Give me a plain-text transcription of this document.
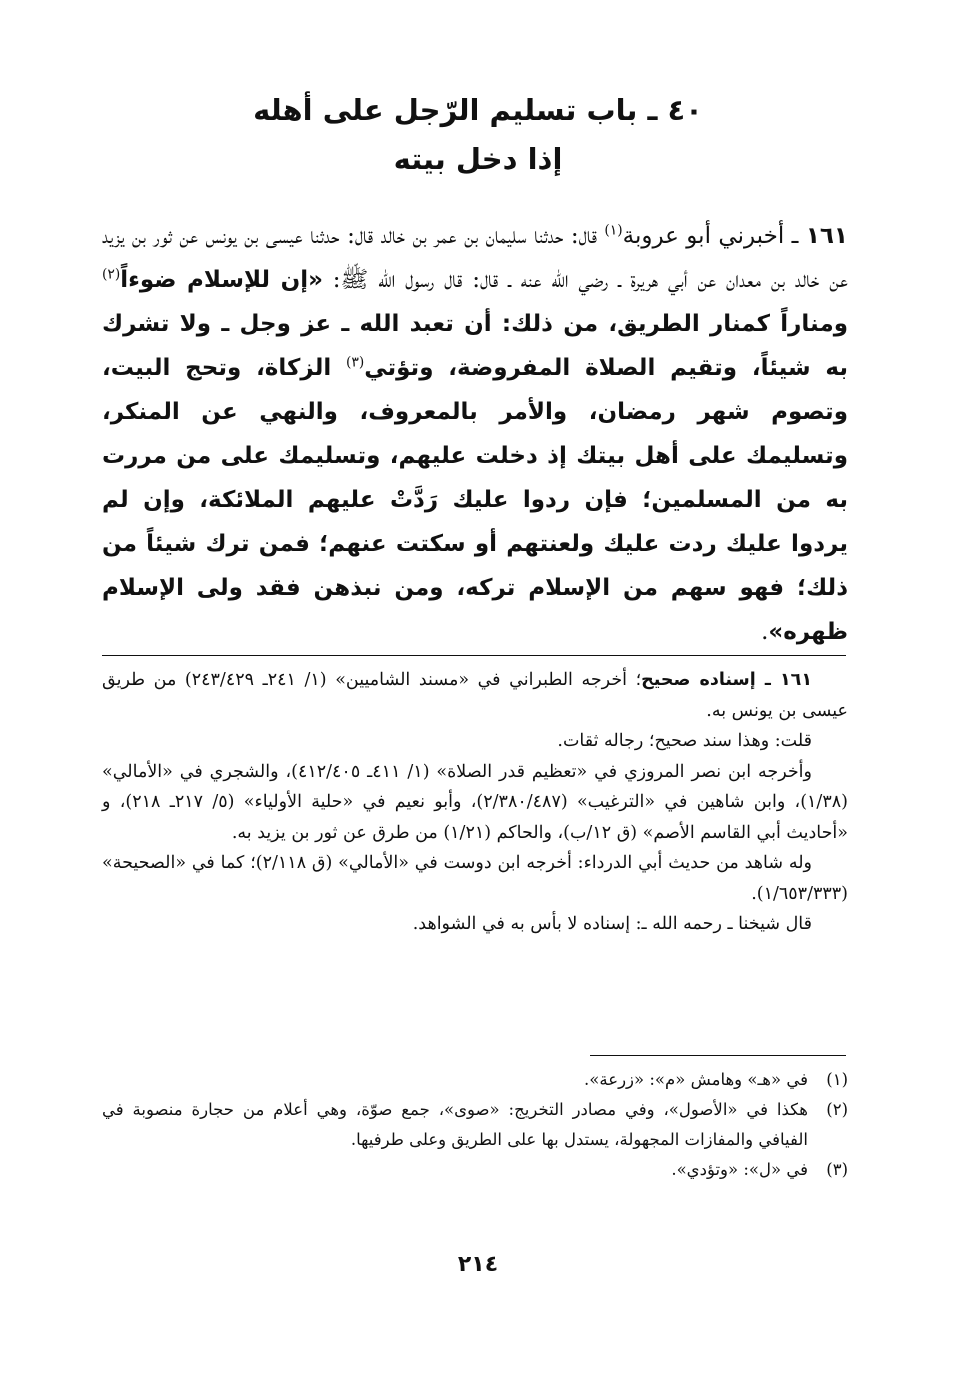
٤٠ ـ باب تسليم الرّجل على أهله
إذا دخل بيته

١٦١ ـ أخبرني أبو عروبة$^{(١)}$ قال: حدثنا سليمان بن عمر بن خالد قال: حدثنا عيسى بن يونس عن ثور بن يزيد عن خالد بن معدان عن أبي هريرة ـ رضي الله عنه ـ قال: قال رسول الله ﷺ: «إن للإسلام ضوءاً$^{(٢)}$ ومناراً كمنار الطريق، من ذلك: أن تعبد الله ـ عز وجل ـ ولا تشرك به شيئاً، وتقيم الصلاة المفروضة، وتؤتي$^{(٣)}$ الزكاة، وتحج البيت، وتصوم شهر رمضان، والأمر بالمعروف، والنهي عن المنكر، وتسليمك على أهل بيتك إذ دخلت عليهم، وتسليمك على من مررت به من المسلمين؛ فإن ردوا عليك رَدَّتْ عليهم الملائكة، وإن لم يردوا عليك ردت عليك ولعنتهم أو سكتت عنهم؛ فمن ترك شيئاً من ذلك؛ فهو سهم من الإسلام تركه، ومن نبذهن فقد ولى الإسلام ظهره».

١٦١ ـ إسناده صحيح؛ أخرجه الطبراني في «مسند الشاميين» (١/ ٢٤١ـ ٢٤٣/٤٢٩) من طريق عيسى بن يونس به.

قلت: وهذا سند صحيح؛ رجاله ثقات.

وأخرجه ابن نصر المروزي في «تعظيم قدر الصلاة» (١/ ٤١١ـ ٤١٢/٤٠٥)، والشجري في «الأمالي» (١/٣٨)، وابن شاهين في «الترغيب» (٢/٣٨٠/٤٨٧)، وأبو نعيم في «حلية الأولياء» (٥/ ٢١٧ـ ٢١٨)، و «أحاديث أبي القاسم الأصم» (ق ١٢/ب)، والحاكم (١/٢١) من طرق عن ثور بن يزيد به.

وله شاهد من حديث أبي الدرداء: أخرجه ابن دوست في «الأمالي» (ق ٢/١١٨)؛ كما في «الصحيحة» (١/٦٥٣/٣٣٣).

قال شيخنا ـ رحمه الله ـ: إسناده لا بأس به في الشواهد.

(١)
في «هـ» وهامش «م»: «زرعة».
(٢)
هكذا في «الأصول»، وفي مصادر التخريج: «صوى»، جمع صوّة، وهي أعلام من حجارة منصوبة في الفيافي والمفازات المجهولة، يستدل بها على الطريق وعلى طرفيها.
(٣)
في «ل»: «وتؤدي».
٢١٤
